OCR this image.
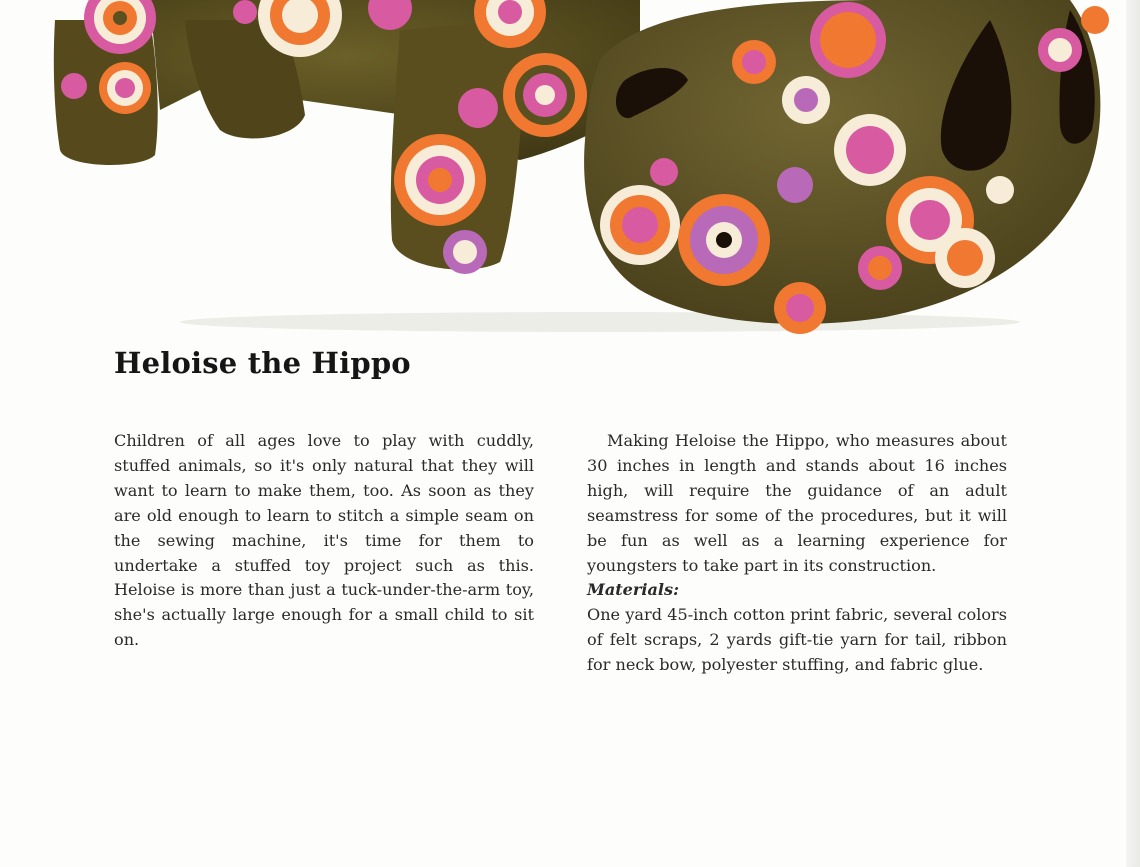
Heloise the Hippo

Children of all ages love to play with cuddly, stuffed animals, so it's only natural that they will want to learn to make them, too. As soon as they are old enough to learn to stitch a simple seam on the sewing machine, it's time for them to undertake a stuffed toy project such as this. Heloise is more than just a tuck-under-the-arm toy, she's actually large enough for a small child to sit on.

Making Heloise the Hippo, who measures about 30 inches in length and stands about 16 inches high, will require the guidance of an adult seamstress for some of the procedures, but it will be fun as well as a learning experience for youngsters to take part in its construction.

Materials:

One yard 45-inch cotton print fabric, several colors of felt scraps, 2 yards gift-tie yarn for tail, ribbon for neck bow, polyester stuffing, and fabric glue.
